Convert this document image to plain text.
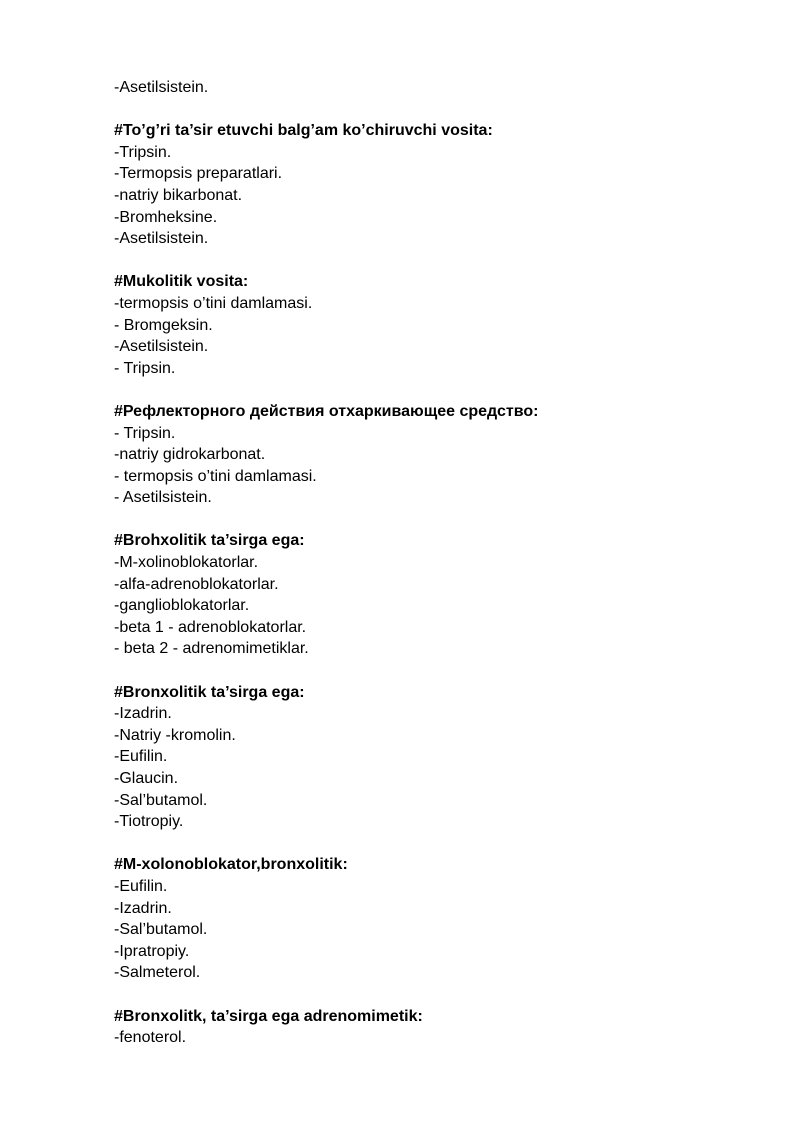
-Asetilsistein.

#To’g’ri ta’sir etuvchi balg’am ko’chiruvchi vosita:

-Tripsin.

-Termopsis preparatlari.

-natriy bikarbonat.

-Bromheksine.

-Asetilsistein.

#Mukolitik vosita:

-termopsis o’tini damlamasi.

- Bromgeksin.

-Asetilsistein.

- Tripsin.

#Рефлекторного действия отхаркивающее средство:

- Tripsin.

-natriy gidrokarbonat.

- termopsis o’tini damlamasi.

- Asetilsistein.

#Brohxolitik ta’sirga ega:

-M-xolinoblokatorlar.

-alfa-adrenoblokatorlar.

-ganglioblokatorlar.

-beta 1 - adrenoblokatorlar.

- beta 2 - adrenomimetiklar.

#Bronxolitik ta’sirga ega:

-Izadrin.

-Natriy -kromolin.

-Eufilin.

-Glaucin.

-Sal’butamol.

-Tiotropiy.

#M-xolonoblokator,bronxolitik:

-Eufilin.

-Izadrin.

-Sal’butamol.

-Ipratropiy.

-Salmeterol.

#Bronxolitk, ta’sirga ega adrenomimetik:

-fenoterol.
